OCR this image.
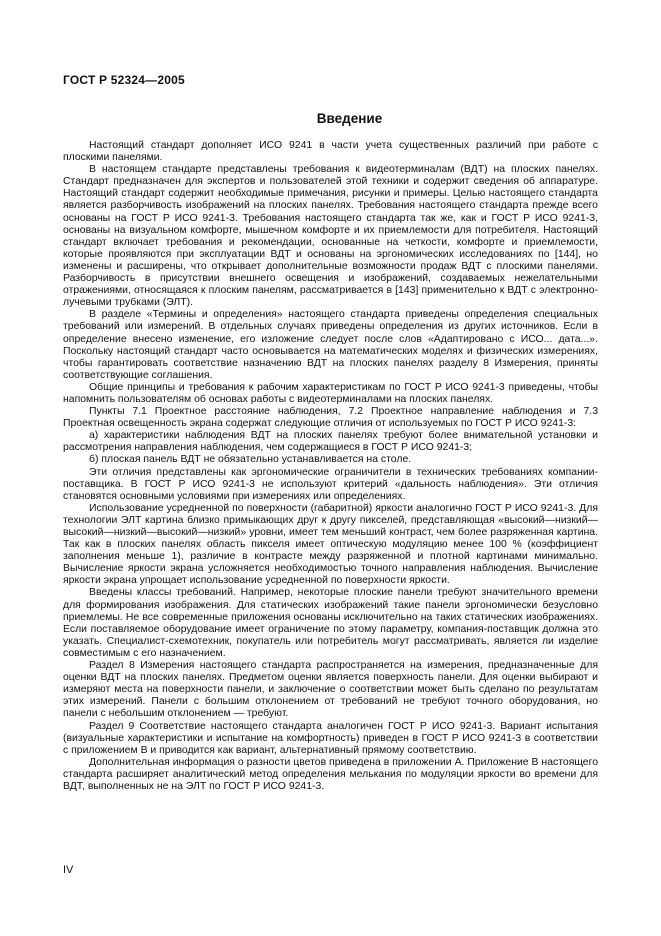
ГОСТ Р 52324—2005
Введение

Настоящий стандарт дополняет ИСО 9241 в части учета существенных различий при работе с плоскими панелями.

В настоящем стандарте представлены требования к видеотерминалам (ВДТ) на плоских панелях. Стандарт предназначен для экспертов и пользователей этой техники и содержит сведения об аппаратуре. Настоящий стандарт содержит необходимые примечания, рисунки и примеры. Целью настоящего стандарта является разборчивость изображений на плоских панелях. Требования настоящего стандарта прежде всего основаны на ГОСТ Р ИСО 9241-3. Требования настоящего стандарта так же, как и ГОСТ Р ИСО 9241-3, основаны на визуальном комфорте, мышечном комфорте и их приемлемости для потребителя. Настоящий стандарт включает требования и рекомендации, основанные на четкости, комфорте и приемлемости, которые проявляются при эксплуатации ВДТ и основаны на эргономических исследованиях по [144], но изменены и расширены, что открывает дополнительные возможности продаж ВДТ с плоскими панелями. Разборчивость в присутствии внешнего освещения и изображений, создаваемых нежелательными отражениями, относящаяся к плоским панелям, рассматривается в [143] применительно к ВДТ с электронно-лучевыми трубками (ЭЛТ).

В разделе «Термины и определения» настоящего стандарта приведены определения специальных требований или измерений. В отдельных случаях приведены определения из других источников. Если в определение внесено изменение, его изложение следует после слов «Адаптировано с ИСО... дата...». Поскольку настоящий стандарт часто основывается на математических моделях и физических измерениях, чтобы гарантировать соответствие назначению ВДТ на плоских панелях разделу 8 Измерения, приняты соответствующие соглашения.

Общие принципы и требования к рабочим характеристикам по ГОСТ Р ИСО 9241-3 приведены, чтобы напомнить пользователям об основах работы с видеотерминалами на плоских панелях.

Пункты 7.1 Проектное расстояние наблюдения, 7.2 Проектное направление наблюдения и 7.3 Проектная освещенность экрана содержат следующие отличия от используемых по ГОСТ Р ИСО 9241-3:

а) характеристики наблюдения ВДТ на плоских панелях требуют более внимательной установки и рассмотрения направления наблюдения, чем содержащиеся в ГОСТ Р ИСО 9241-3;

б) плоская панель ВДТ не обязательно устанавливается на столе.

Эти отличия представлены как эргономические ограничители в технических требованиях компании-поставщика. В ГОСТ Р ИСО 9241-3 не используют критерий «дальность наблюдения». Эти отличия становятся основными условиями при измерениях или определениях.

Использование усредненной по поверхности (габаритной) яркости аналогично ГОСТ Р ИСО 9241-3. Для технологии ЭЛТ картина близко примыкающих друг к другу пикселей, представляющая «высокий—низкий—высокий—низкий—высокий—низкий» уровни, имеет тем меньший контраст, чем более разряженная картина. Так как в плоских панелях область пикселя имеет оптическую модуляцию менее 100 % (коэффициент заполнения меньше 1), различие в контрасте между разряженной и плотной картинами минимально. Вычисление яркости экрана усложняется необходимостью точного направления наблюдения. Вычисление яркости экрана упрощает использование усредненной по поверхности яркости.

Введены классы требований. Например, некоторые плоские панели требуют значительного времени для формирования изображения. Для статических изображений такие панели эргономически безусловно приемлемы. Не все современные приложения основаны исключительно на таких статических изображениях. Если поставляемое оборудование имеет ограничение по этому параметру, компания-поставщик должна это указать. Специалист-схемотехник, покупатель или потребитель могут рассматривать, является ли изделие совместимым с его назначением.

Раздел 8 Измерения настоящего стандарта распространяется на измерения, предназначенные для оценки ВДТ на плоских панелях. Предметом оценки является поверхность панели. Для оценки выбирают и измеряют места на поверхности панели, и заключение о соответствии может быть сделано по результатам этих измерений. Панели с большим отклонением от требований не требуют точного оборудования, но панели с небольшим отклонением — требуют.

Раздел 9 Соответствие настоящего стандарта аналогичен ГОСТ Р ИСО 9241-3. Вариант испытания (визуальные характеристики и испытание на комфортность) приведен в ГОСТ Р ИСО 9241-3 в соответствии с приложением В и приводится как вариант, альтернативный прямому соответствию.

Дополнительная информация о разности цветов приведена в приложении А. Приложение В настоящего стандарта расширяет аналитический метод определения мелькания по модуляции яркости во времени для ВДТ, выполненных не на ЭЛТ по ГОСТ Р ИСО 9241-3.

IV
